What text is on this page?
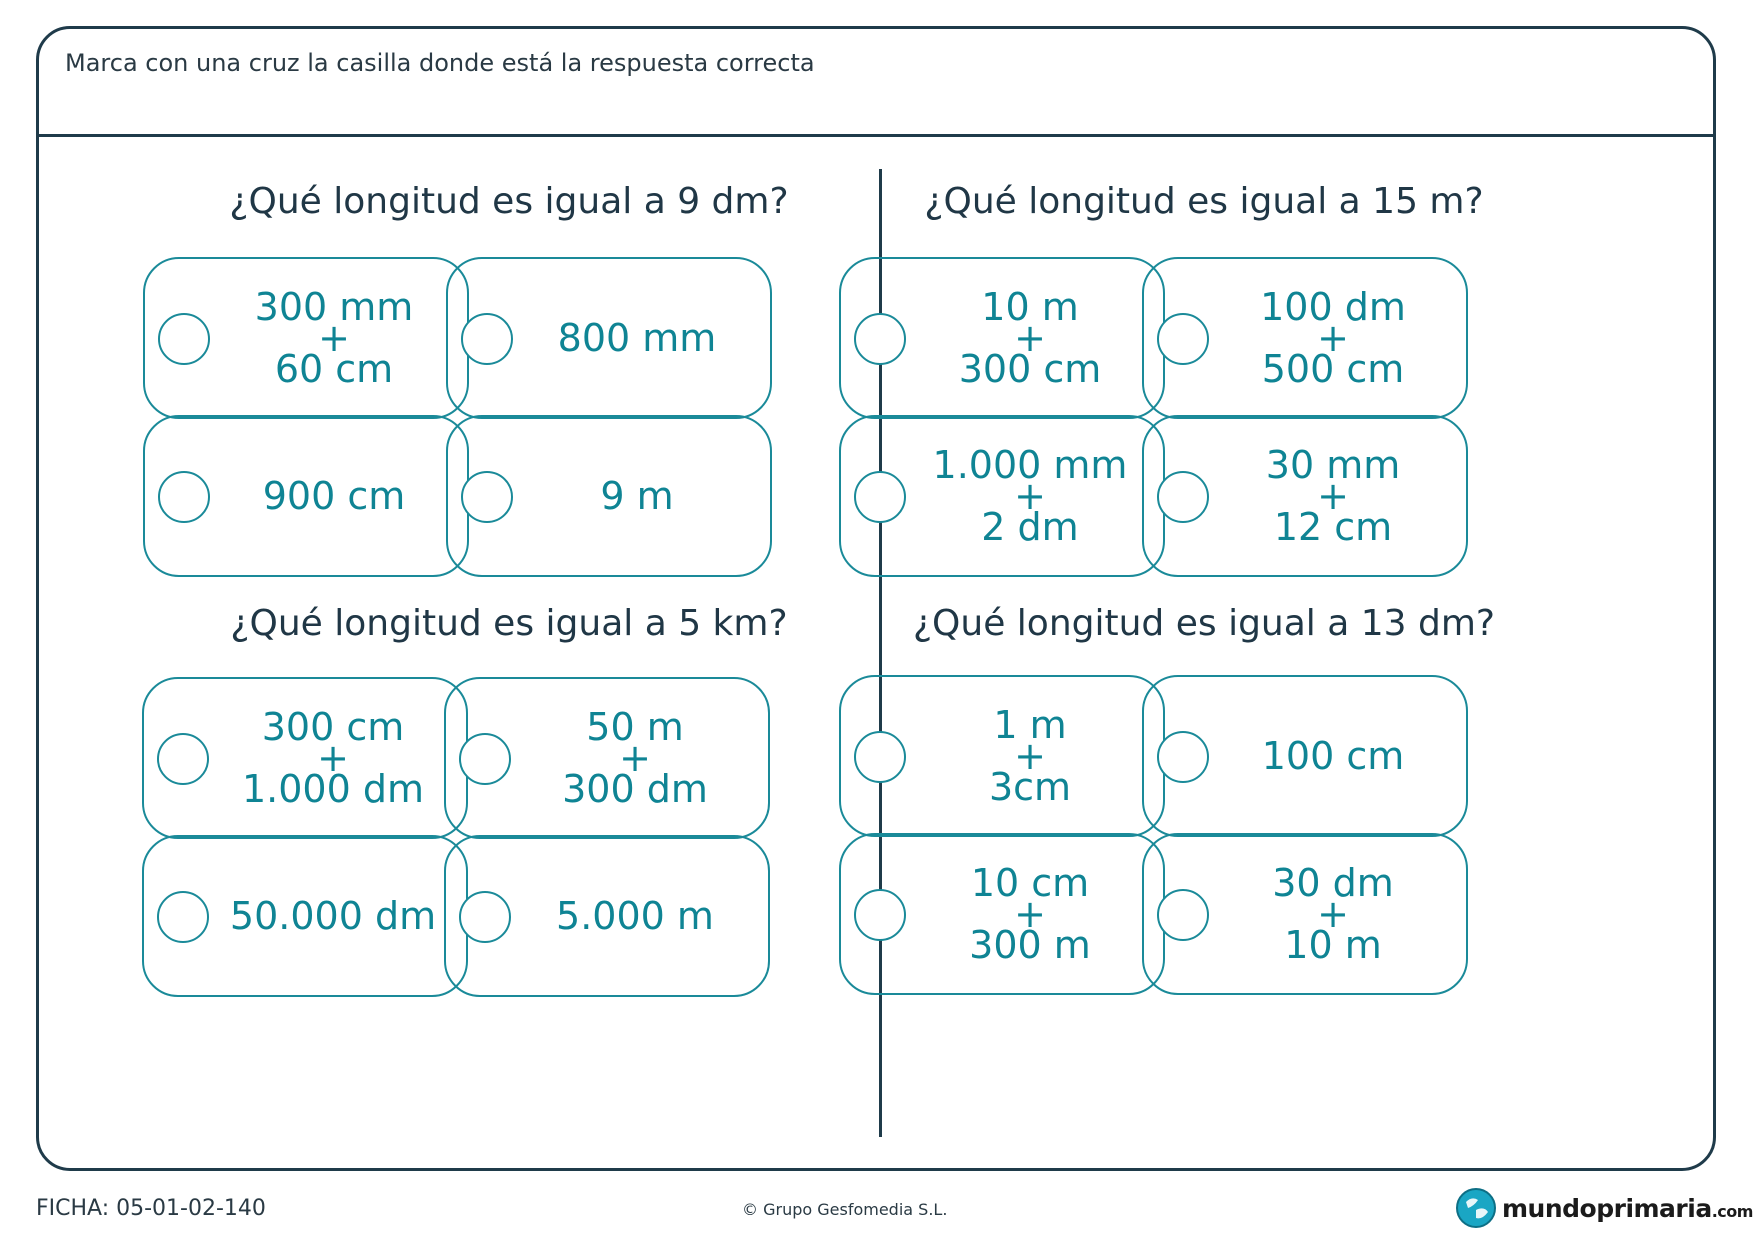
Marca con una cruz la casilla donde está la respuesta correcta
¿Qué longitud es igual a 9 dm?
300 mm
+
60 cm
800 mm
900 cm	9 m
¿Qué longitud es igual a 15 m?
10 m
+
300 cm
100 dm
+
500 cm
1.000 mm
+
2 dm
30 mm
+
12 cm
¿Qué longitud es igual a 5 km?
300 cm
+
1.000 dm
50 m
+
300 dm
50.000 dm	5.000 m
¿Qué longitud es igual a 13 dm?
1 m
+
3cm
100 cm
10 cm
+
300 m
30 dm
+
10 m
FICHA: 05-01-02-140	© Grupo Gesfomedia S.L.	mundoprimaria.com
